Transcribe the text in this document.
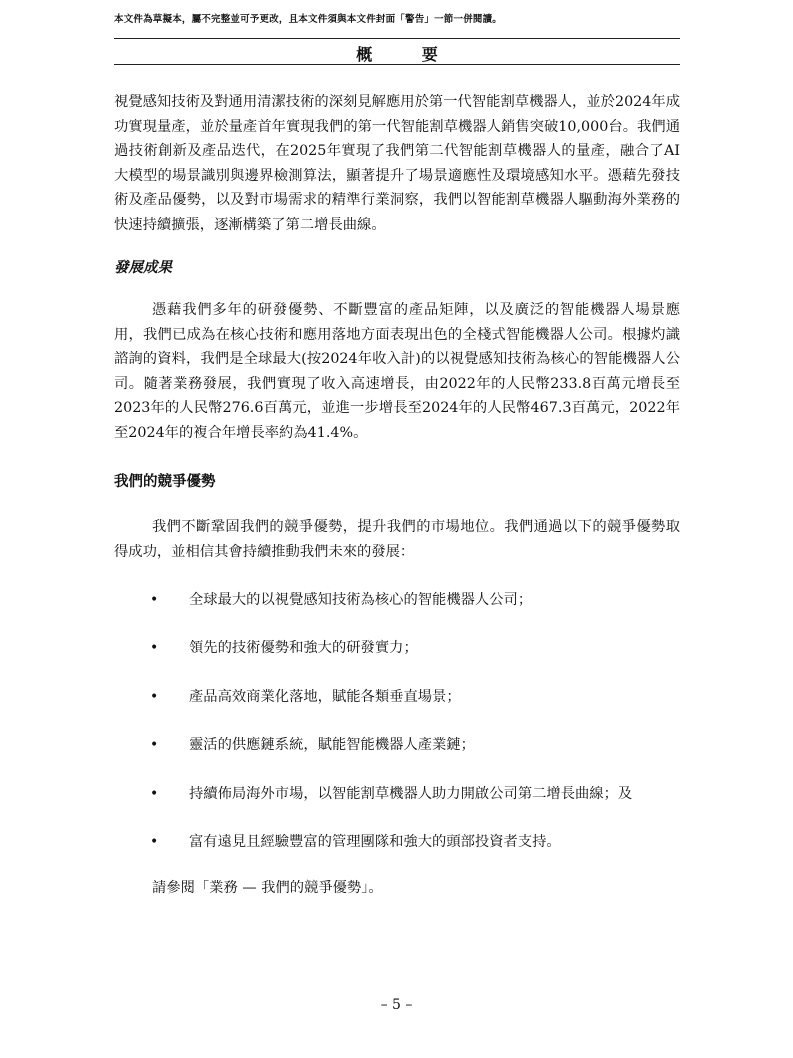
本文件為草擬本，屬不完整並可予更改，且本文件須與本文件封面「警告」一節一併閱讀。
概 要

視覺感知技術及對通用清潔技術的深刻見解應用於第一代智能割草機器人，並於2024年成功實現量產，並於量產首年實現我們的第一代智能割草機器人銷售突破10,000台。我們通過技術創新及產品迭代，在2025年實現了我們第二代智能割草機器人的量產，融合了AI大模型的場景識別與邊界檢測算法，顯著提升了場景適應性及環境感知水平。憑藉先發技術及產品優勢，以及對市場需求的精準行業洞察，我們以智能割草機器人驅動海外業務的快速持續擴張，逐漸構築了第二增長曲線。

發展成果

憑藉我們多年的研發優勢、不斷豐富的產品矩陣，以及廣泛的智能機器人場景應用，我們已成為在核心技術和應用落地方面表現出色的全棧式智能機器人公司。根據灼識諮詢的資料，我們是全球最大(按2024年收入計)的以視覺感知技術為核心的智能機器人公司。隨著業務發展，我們實現了收入高速增長，由2022年的人民幣233.8百萬元增長至2023年的人民幣276.6百萬元，並進一步增長至2024年的人民幣467.3百萬元，2022年至2024年的複合年增長率約為41.4%。

我們的競爭優勢

我們不斷鞏固我們的競爭優勢，提升我們的市場地位。我們通過以下的競爭優勢取得成功，並相信其會持續推動我們未來的發展：

• 全球最大的以視覺感知技術為核心的智能機器人公司；
• 領先的技術優勢和強大的研發實力；
• 產品高效商業化落地，賦能各類垂直場景；
• 靈活的供應鏈系統，賦能智能機器人產業鏈；
• 持續佈局海外市場，以智能割草機器人助力開啟公司第二增長曲線；及
• 富有遠見且經驗豐富的管理團隊和強大的頭部投資者支持。

請參閱「業務 — 我們的競爭優勢」。

– 5 –
